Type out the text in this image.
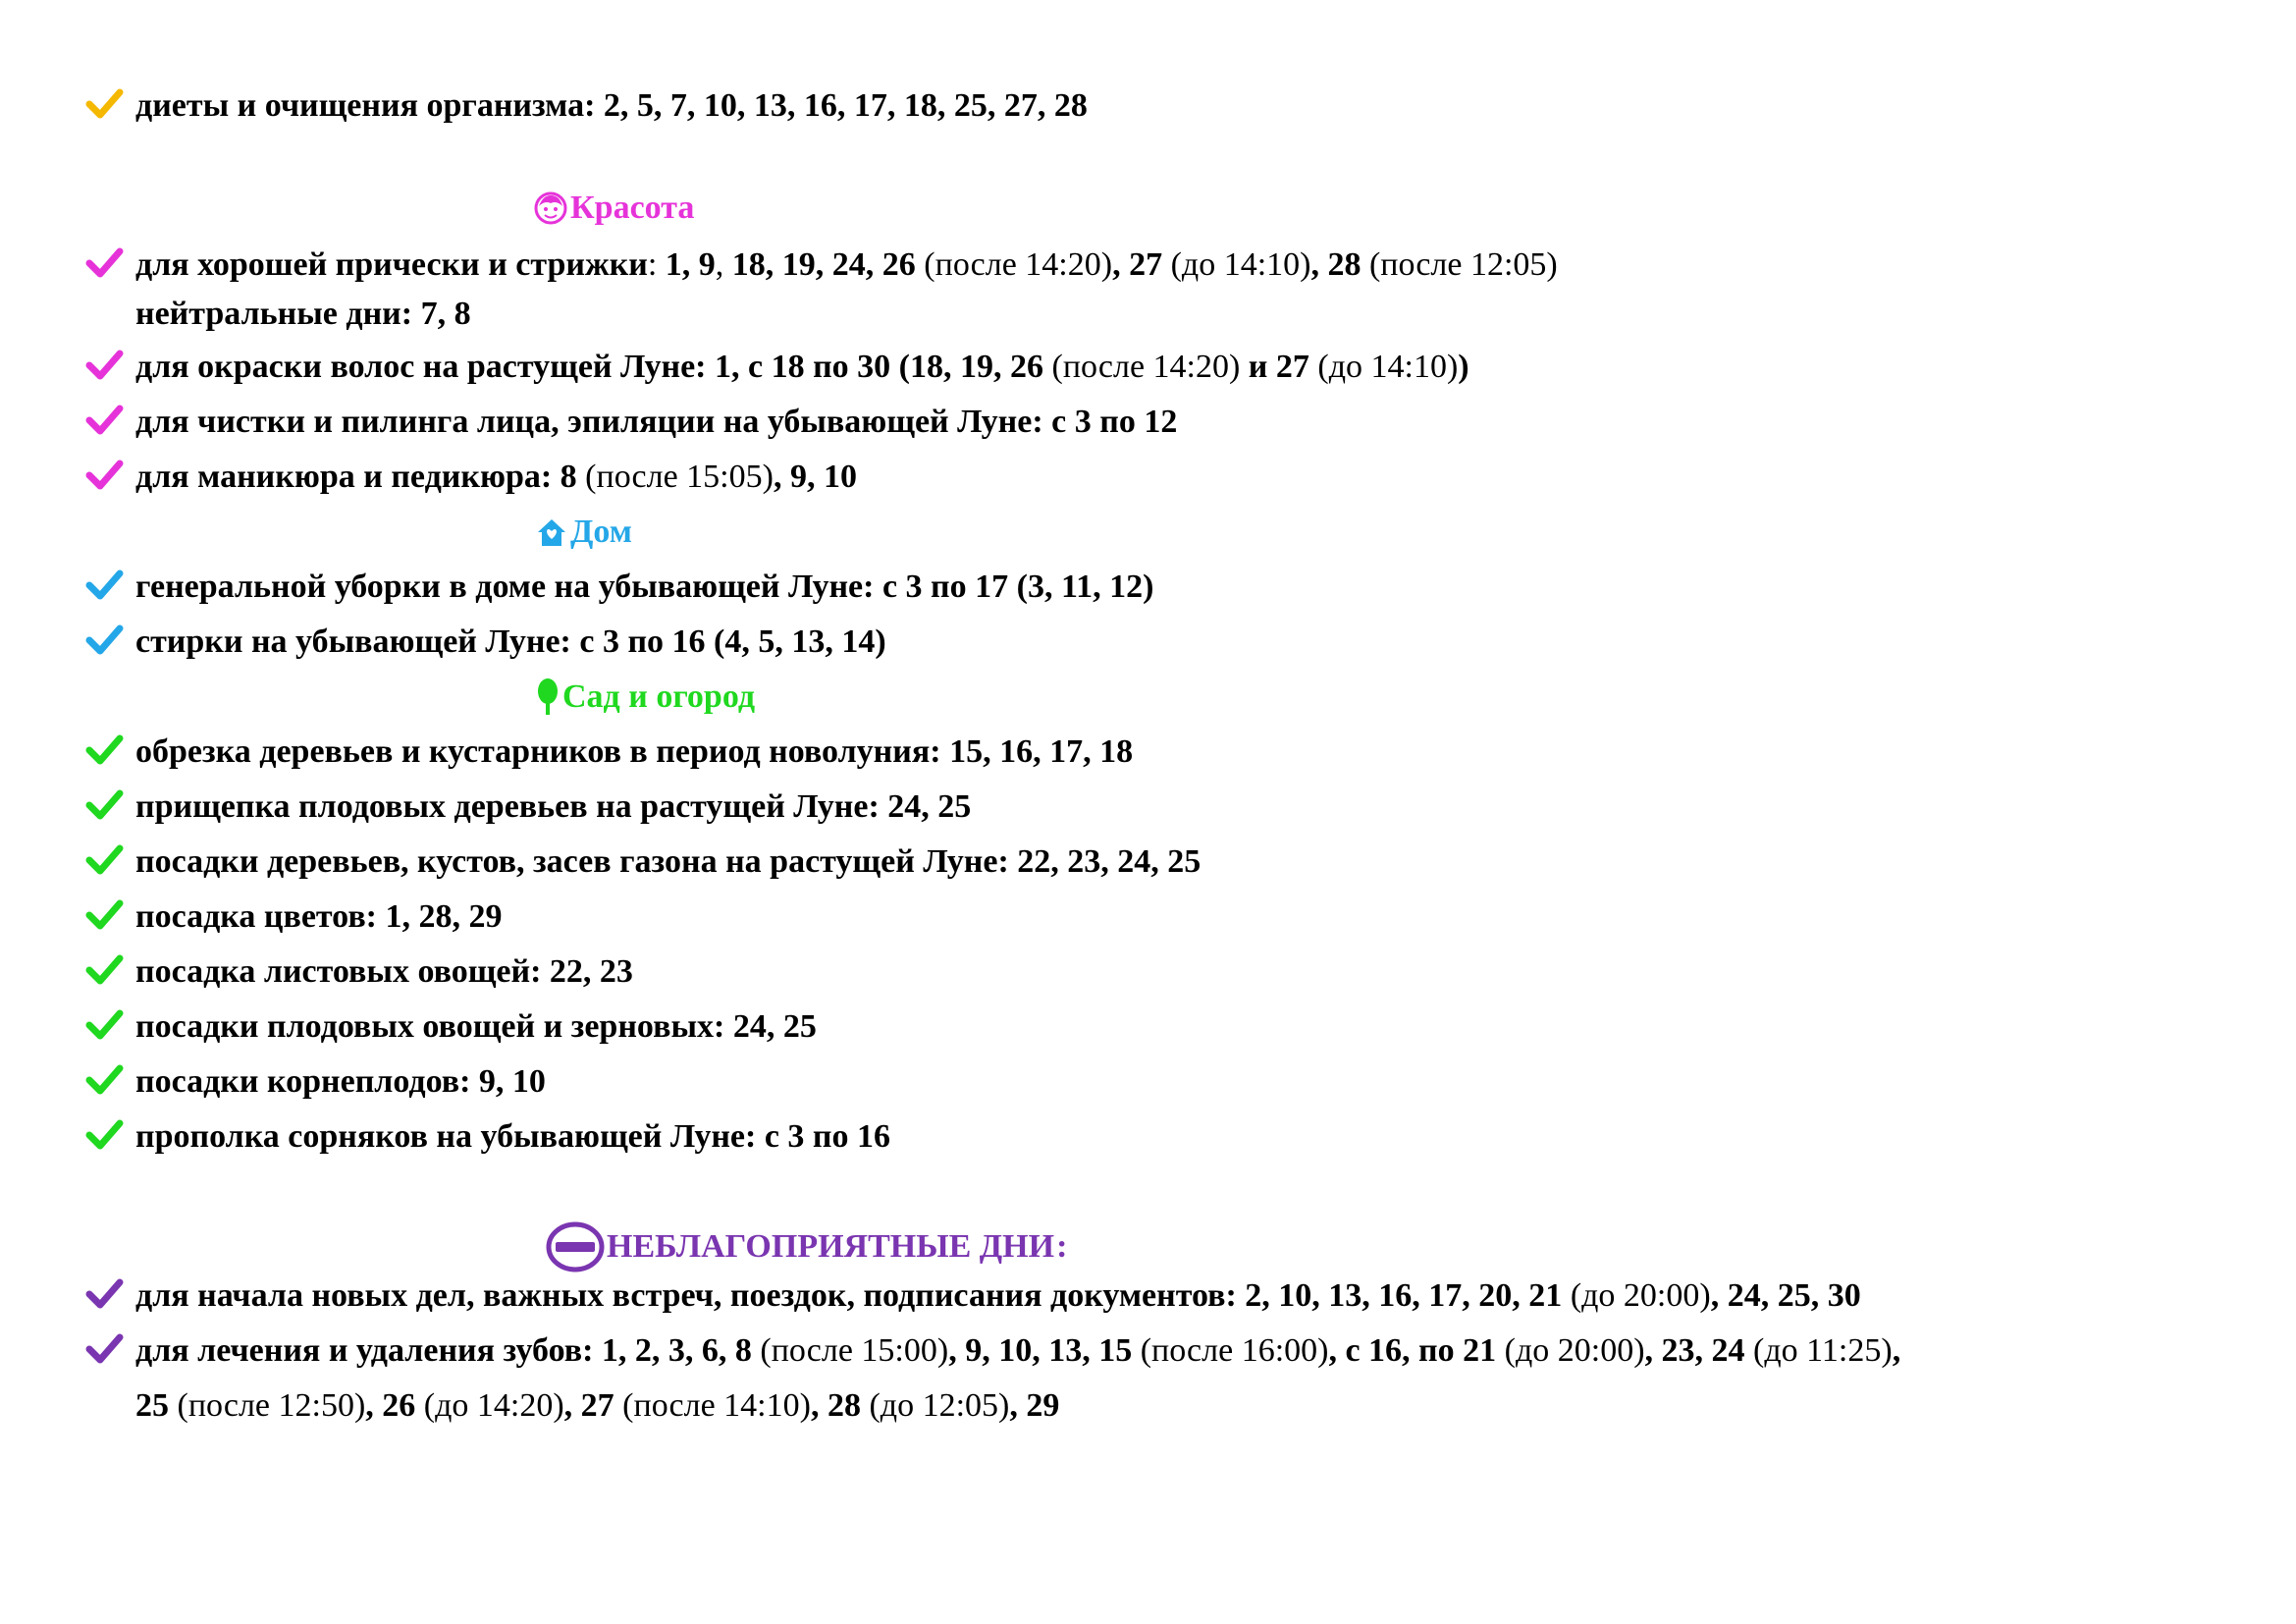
диеты и очищения организма: 2, 5, 7, 10, 13, 16, 17, 18, 25, 27, 28
Красота
для хорошей прически и стрижки: 1, 9, 18, 19, 24, 26 (после 14:20), 27 (до 14:10), 28 (после 12:05)
нейтральные дни: 7, 8
для окраски волос на растущей Луне: 1, с 18 по 30 (18, 19, 26 (после 14:20) и 27 (до 14:10))
для чистки и пилинга лица, эпиляции на убывающей Луне: с 3 по 12
для маникюра и педикюра: 8 (после 15:05), 9, 10
Дом
генеральной уборки в доме на убывающей Луне: с 3 по 17 (3, 11, 12)
стирки на убывающей Луне: с 3 по 16 (4, 5, 13, 14)
Сад и огород
обрезка деревьев и кустарников в период новолуния: 15, 16, 17, 18
прищепка плодовых деревьев на растущей Луне: 24, 25
посадки деревьев, кустов, засев газона на растущей Луне: 22, 23, 24, 25
посадка цветов: 1, 28, 29
посадка листовых овощей: 22, 23
посадки плодовых овощей и зерновых: 24, 25
посадки корнеплодов: 9, 10
прополка сорняков на убывающей Луне: с 3 по 16
НЕБЛАГОПРИЯТНЫЕ ДНИ :
для начала новых дел, важных встреч, поездок, подписания документов: 2, 10, 13, 16, 17, 20, 21 (до 20:00), 24, 25, 30
для лечения и удаления зубов: 1, 2, 3, 6, 8 (после 15:00), 9, 10, 13, 15 (после 16:00), с 16, по 21 (до 20:00), 23, 24 (до 11:25),
25 (после 12:50), 26 (до 14:20), 27 (после 14:10), 28 (до 12:05), 29
